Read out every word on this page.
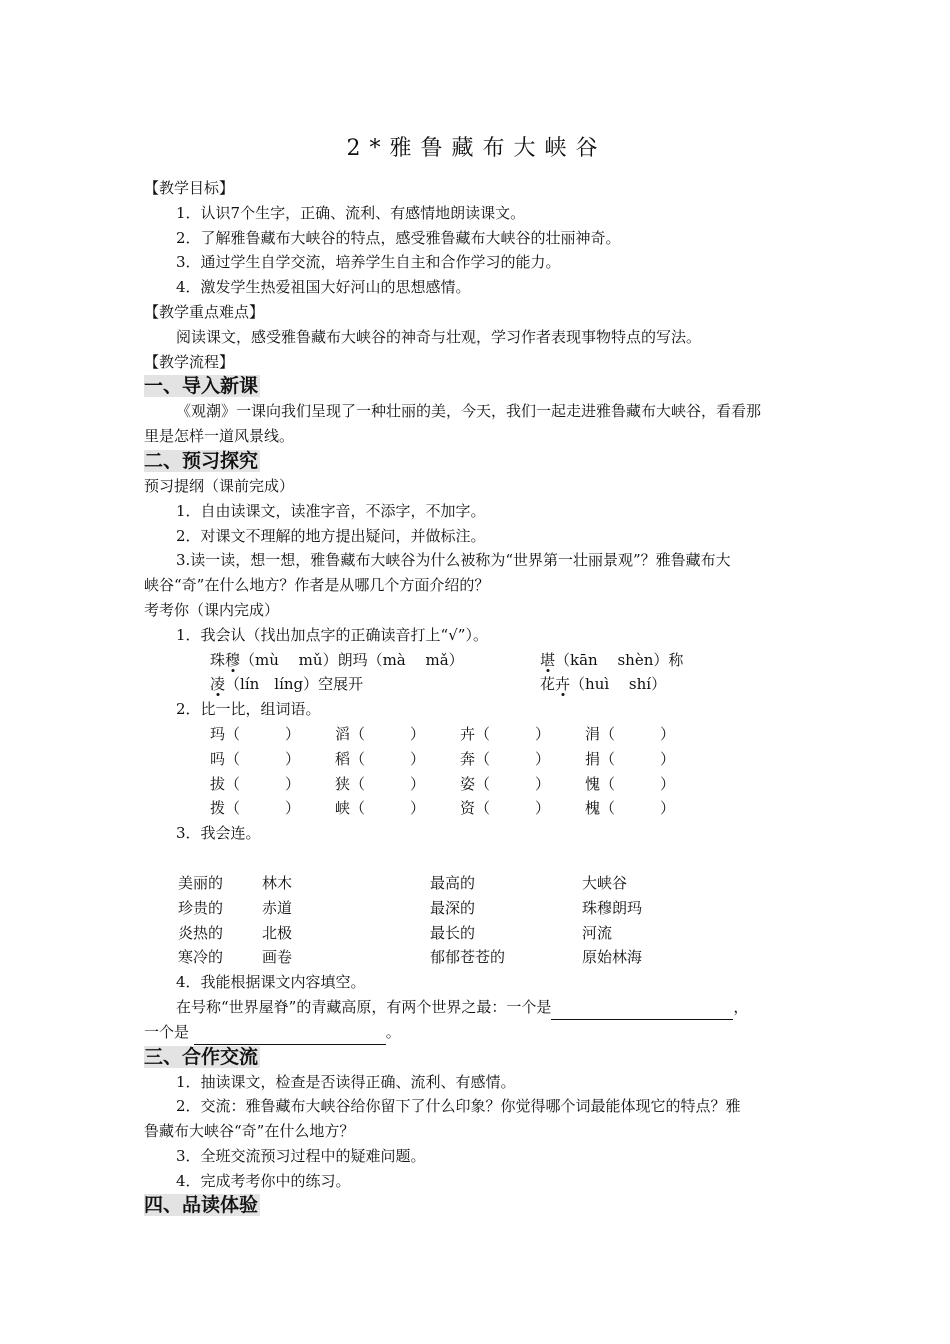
2*雅鲁藏布大峡谷
【教学目标】
1．认识7个生字，正确、流利、有感情地朗读课文。
2．了解雅鲁藏布大峡谷的特点，感受雅鲁藏布大峡谷的壮丽神奇。
3．通过学生自学交流，培养学生自主和合作学习的能力。
4．激发学生热爱祖国大好河山的思想感情。
【教学重点难点】
阅读课文，感受雅鲁藏布大峡谷的神奇与壮观，学习作者表现事物特点的写法。
【教学流程】
一、导入新课
《观潮》一课向我们呈现了一种壮丽的美，今天，我们一起走进雅鲁藏布大峡谷，看看那
里是怎样一道风景线。
二、预习探究
预习提纲（课前完成）
1．自由读课文，读准字音，不添字，不加字。
2．对课文不理解的地方提出疑问，并做标注。
3.读一读，想一想，雅鲁藏布大峡谷为什么被称为“世界第一壮丽景观”？雅鲁藏布大
峡谷“奇”在什么地方？作者是从哪几个方面介绍的？
考考你（课内完成）
1．我会认（找出加点字的正确读音打上“√”）。
珠穆（mù　 mǔ）朗玛（mà　 mǎ）	堪（kān　 shèn）称
凌（lín　líng）空展开	花卉（huì　 shí）
2．比一比，组词语。
玛（　　　）	滔（　　　）	卉（　　　）	涓（　　　）
吗（　　　）	稻（　　　）	奔（　　　）	捐（　　　）
拔（　　　）	狭（　　　）	姿（　　　）	愧（　　　）
拨（　　　）	峡（　　　）	资（　　　）	槐（　　　）
3．我会连。
美丽的	林木	最高的	大峡谷
珍贵的	赤道	最深的	珠穆朗玛
炎热的	北极	最长的	河流
寒冷的	画卷	郁郁苍苍的	原始林海
4．我能根据课文内容填空。
在号称“世界屋脊”的青藏高原，有两个世界之最：一个是	，
一个是	。
三、合作交流
1．抽读课文，检查是否读得正确、流利、有感情。
2．交流：雅鲁藏布大峡谷给你留下了什么印象？你觉得哪个词最能体现它的特点？雅
鲁藏布大峡谷“奇”在什么地方？
3．全班交流预习过程中的疑难问题。
4．完成考考你中的练习。
四、品读体验
